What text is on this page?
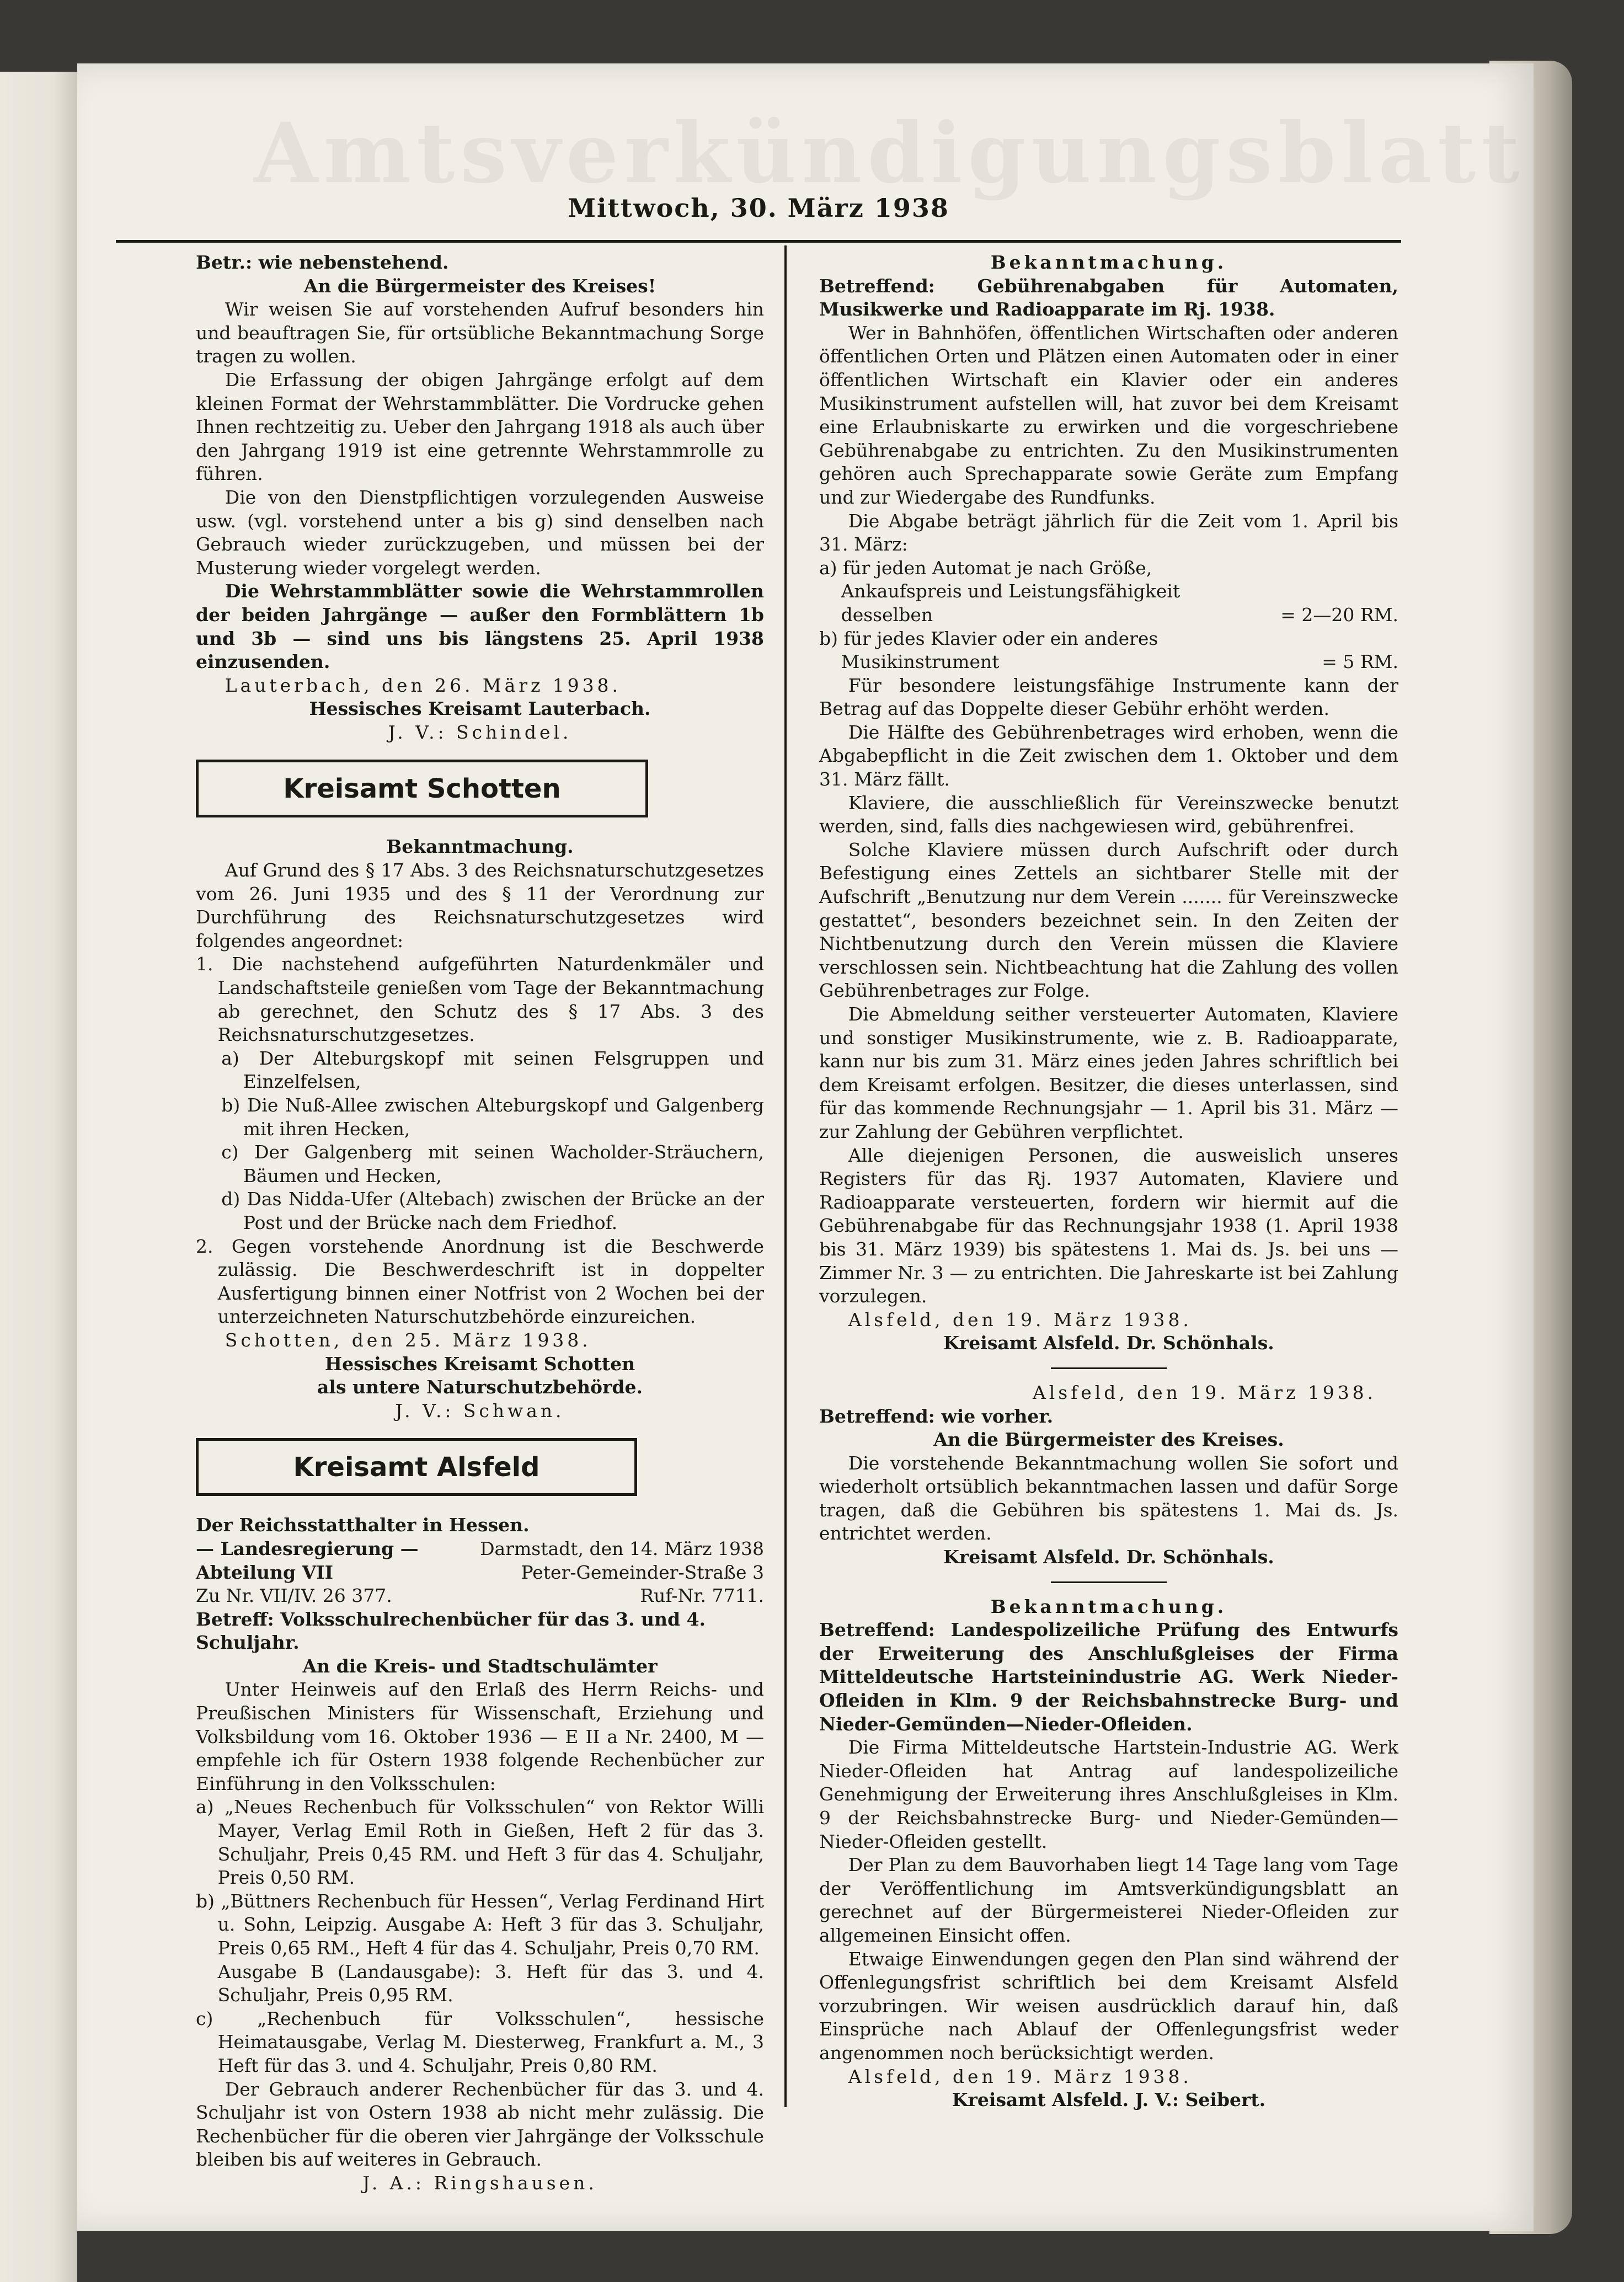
Amtsverkündigungsblatt
Mittwoch, 30. März 1938

Betr.: wie nebenstehend.

An die Bürgermeister des Kreises!

Wir weisen Sie auf vorstehenden Aufruf besonders hin und beauftragen Sie, für ortsübliche Bekanntmachung Sorge tragen zu wollen.

Die Erfassung der obigen Jahrgänge erfolgt auf dem kleinen Format der Wehrstammblätter. Die Vordrucke gehen Ihnen rechtzeitig zu. Ueber den Jahrgang 1918 als auch über den Jahrgang 1919 ist eine getrennte Wehrstammrolle zu führen.

Die von den Dienstpflichtigen vorzulegenden Ausweise usw. (vgl. vorstehend unter a bis g) sind denselben nach Gebrauch wieder zurückzugeben, und müssen bei der Musterung wieder vorgelegt werden.

Die Wehrstammblätter sowie die Wehrstammrollen der beiden Jahrgänge — außer den Formblättern 1b und 3b — sind uns bis längstens 25. April 1938 einzusenden.

Lauterbach, den 26. März 1938.

Hessisches Kreisamt Lauterbach.

J. V.: Schindel.

Kreisamt Schotten

Bekanntmachung.

Auf Grund des § 17 Abs. 3 des Reichsnaturschutzgesetzes vom 26. Juni 1935 und des § 11 der Verordnung zur Durchführung des Reichsnaturschutzgesetzes wird folgendes angeordnet:

1. Die nachstehend aufgeführten Naturdenkmäler und Landschaftsteile genießen vom Tage der Bekanntmachung ab gerechnet, den Schutz des § 17 Abs. 3 des Reichsnaturschutzgesetzes.

a) Der Alteburgskopf mit seinen Felsgruppen und Einzelfelsen,

b) Die Nuß-Allee zwischen Alteburgskopf und Galgenberg mit ihren Hecken,

c) Der Galgenberg mit seinen Wacholder-Sträuchern, Bäumen und Hecken,

d) Das Nidda-Ufer (Altebach) zwischen der Brücke an der Post und der Brücke nach dem Friedhof.

2. Gegen vorstehende Anordnung ist die Beschwerde zulässig. Die Beschwerdeschrift ist in doppelter Ausfertigung binnen einer Notfrist von 2 Wochen bei der unterzeichneten Naturschutzbehörde einzureichen.

Schotten, den 25. März 1938.

Hessisches Kreisamt Schotten

als untere Naturschutzbehörde.

J. V.: Schwan.

Kreisamt Alsfeld
Der Reichsstatthalter in Hessen.
— Landesregierung —	Darmstadt, den 14. März 1938
Abteilung VII	Peter-Gemeinder-Straße 3
Zu Nr. VII/IV. 26 377.	Ruf-Nr. 7711.

Betreff: Volksschulrechenbücher für das 3. und 4. Schuljahr.

An die Kreis- und Stadtschulämter

Unter Heinweis auf den Erlaß des Herrn Reichs- und Preußischen Ministers für Wissenschaft, Erziehung und Volksbildung vom 16. Oktober 1936 — E II a Nr. 2400, M — empfehle ich für Ostern 1938 folgende Rechenbücher zur Einführung in den Volksschulen:

a) „Neues Rechenbuch für Volksschulen“ von Rektor Willi Mayer, Verlag Emil Roth in Gießen, Heft 2 für das 3. Schuljahr, Preis 0,45 RM. und Heft 3 für das 4. Schuljahr, Preis 0,50 RM.

b) „Büttners Rechenbuch für Hessen“, Verlag Ferdinand Hirt u. Sohn, Leipzig. Ausgabe A: Heft 3 für das 3. Schuljahr, Preis 0,65 RM., Heft 4 für das 4. Schuljahr, Preis 0,70 RM.

Ausgabe B (Landausgabe): 3. Heft für das 3. und 4. Schuljahr, Preis 0,95 RM.

c) „Rechenbuch für Volksschulen“, hessische Heimatausgabe, Verlag M. Diesterweg, Frankfurt a. M., 3 Heft für das 3. und 4. Schuljahr, Preis 0,80 RM.

Der Gebrauch anderer Rechenbücher für das 3. und 4. Schuljahr ist von Ostern 1938 ab nicht mehr zulässig. Die Rechenbücher für die oberen vier Jahrgänge der Volksschule bleiben bis auf weiteres in Gebrauch.

J. A.: Ringshausen.

Bekanntmachung.

Betreffend: Gebührenabgaben für Automaten, Musikwerke und Radioapparate im Rj. 1938.

Wer in Bahnhöfen, öffentlichen Wirtschaften oder anderen öffentlichen Orten und Plätzen einen Automaten oder in einer öffentlichen Wirtschaft ein Klavier oder ein anderes Musikinstrument aufstellen will, hat zuvor bei dem Kreisamt eine Erlaubniskarte zu erwirken und die vorgeschriebene Gebührenabgabe zu entrichten. Zu den Musikinstrumenten gehören auch Sprechapparate sowie Geräte zum Empfang und zur Wiedergabe des Rundfunks.

Die Abgabe beträgt jährlich für die Zeit vom 1. April bis 31. März:

a) für jeden Automat je nach Größe, Ankaufspreis und Leistungsfähigkeit desselben	= 2—20 RM.
b) für jedes Klavier oder ein anderes Musikinstrument	= 5 RM.

Für besondere leistungsfähige Instrumente kann der Betrag auf das Doppelte dieser Gebühr erhöht werden.

Die Hälfte des Gebührenbetrages wird erhoben, wenn die Abgabepflicht in die Zeit zwischen dem 1. Oktober und dem 31. März fällt.

Klaviere, die ausschließlich für Vereinszwecke benutzt werden, sind, falls dies nachgewiesen wird, gebührenfrei.

Solche Klaviere müssen durch Aufschrift oder durch Befestigung eines Zettels an sichtbarer Stelle mit der Aufschrift „Benutzung nur dem Verein ....... für Vereinszwecke gestattet“, besonders bezeichnet sein. In den Zeiten der Nichtbenutzung durch den Verein müssen die Klaviere verschlossen sein. Nichtbeachtung hat die Zahlung des vollen Gebührenbetrages zur Folge.

Die Abmeldung seither versteuerter Automaten, Klaviere und sonstiger Musikinstrumente, wie z. B. Radioapparate, kann nur bis zum 31. März eines jeden Jahres schriftlich bei dem Kreisamt erfolgen. Besitzer, die dieses unterlassen, sind für das kommende Rechnungsjahr — 1. April bis 31. März — zur Zahlung der Gebühren verpflichtet.

Alle diejenigen Personen, die ausweislich unseres Registers für das Rj. 1937 Automaten, Klaviere und Radioapparate versteuerten, fordern wir hiermit auf die Gebührenabgabe für das Rechnungsjahr 1938 (1. April 1938 bis 31. März 1939) bis spätestens 1. Mai ds. Js. bei uns — Zimmer Nr. 3 — zu entrichten. Die Jahreskarte ist bei Zahlung vorzulegen.

Alsfeld, den 19. März 1938.

Kreisamt Alsfeld. Dr. Schönhals.

Alsfeld, den 19. März 1938.

Betreffend: wie vorher.

An die Bürgermeister des Kreises.

Die vorstehende Bekanntmachung wollen Sie sofort und wiederholt ortsüblich bekanntmachen lassen und dafür Sorge tragen, daß die Gebühren bis spätestens 1. Mai ds. Js. entrichtet werden.

Kreisamt Alsfeld. Dr. Schönhals.

Bekanntmachung.

Betreffend: Landespolizeiliche Prüfung des Entwurfs der Erweiterung des Anschlußgleises der Firma Mitteldeutsche Hartsteinindustrie AG. Werk Nieder-Ofleiden in Klm. 9 der Reichsbahnstrecke Burg- und Nieder-Gemünden—Nieder-Ofleiden.

Die Firma Mitteldeutsche Hartstein-Industrie AG. Werk Nieder-Ofleiden hat Antrag auf landespolizeiliche Genehmigung der Erweiterung ihres Anschlußgleises in Klm. 9 der Reichsbahnstrecke Burg- und Nieder-Gemünden—Nieder-Ofleiden gestellt.

Der Plan zu dem Bauvorhaben liegt 14 Tage lang vom Tage der Veröffentlichung im Amtsverkündigungsblatt an gerechnet auf der Bürgermeisterei Nieder-Ofleiden zur allgemeinen Einsicht offen.

Etwaige Einwendungen gegen den Plan sind während der Offenlegungsfrist schriftlich bei dem Kreisamt Alsfeld vorzubringen. Wir weisen ausdrücklich darauf hin, daß Einsprüche nach Ablauf der Offenlegungsfrist weder angenommen noch berücksichtigt werden.

Alsfeld, den 19. März 1938.

Kreisamt Alsfeld. J. V.: Seibert.
